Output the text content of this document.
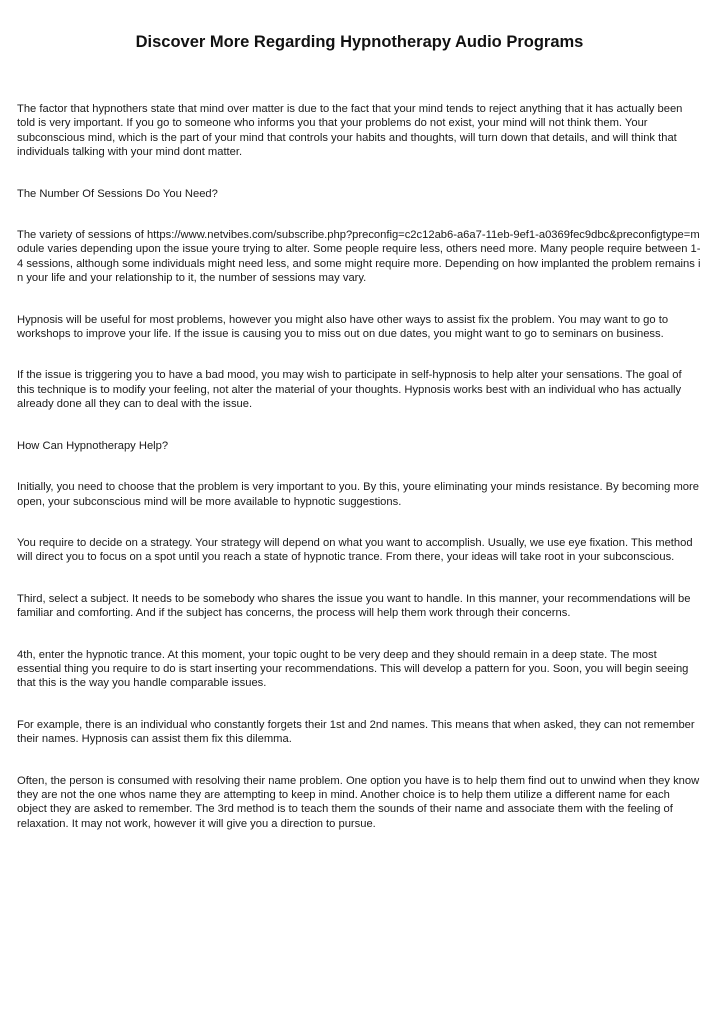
Discover More Regarding Hypnotherapy Audio Programs

The factor that hypnothers state that mind over matter is due to the fact that your mind tends to reject anything that it has actually been told is very important. If you go to someone who informs you that your problems do not exist, your mind will not think them. Your subconscious mind, which is the part of your mind that controls your habits and thoughts, will turn down that details, and will think that individuals talking with your mind dont matter.

The Number Of Sessions Do You Need?

The variety of sessions of https://www.netvibes.com/subscribe.php?preconfig=c2c12ab6-a6a7-11eb-9ef1-a0369fec9dbc&preconfigtype=module varies depending upon the issue youre trying to alter. Some people require less, others need more. Many people require between 1-4 sessions, although some individuals might need less, and some might require more. Depending on how implanted the problem remains in your life and your relationship to it, the number of sessions may vary.

Hypnosis will be useful for most problems, however you might also have other ways to assist fix the problem. You may want to go to workshops to improve your life. If the issue is causing you to miss out on due dates, you might want to go to seminars on business.

If the issue is triggering you to have a bad mood, you may wish to participate in self-hypnosis to help alter your sensations. The goal of this technique is to modify your feeling, not alter the material of your thoughts. Hypnosis works best with an individual who has actually already done all they can to deal with the issue.

How Can Hypnotherapy Help?

Initially, you need to choose that the problem is very important to you. By this, youre eliminating your minds resistance. By becoming more open, your subconscious mind will be more available to hypnotic suggestions.

You require to decide on a strategy. Your strategy will depend on what you want to accomplish. Usually, we use eye fixation. This method will direct you to focus on a spot until you reach a state of hypnotic trance. From there, your ideas will take root in your subconscious.

Third, select a subject. It needs to be somebody who shares the issue you want to handle. In this manner, your recommendations will be familiar and comforting. And if the subject has concerns, the process will help them work through their concerns.

4th, enter the hypnotic trance. At this moment, your topic ought to be very deep and they should remain in a deep state. The most essential thing you require to do is start inserting your recommendations. This will develop a pattern for you. Soon, you will begin seeing that this is the way you handle comparable issues.

For example, there is an individual who constantly forgets their 1st and 2nd names. This means that when asked, they can not remember their names. Hypnosis can assist them fix this dilemma.

Often, the person is consumed with resolving their name problem. One option you have is to help them find out to unwind when they know they are not the one whos name they are attempting to keep in mind. Another choice is to help them utilize a different name for each object they are asked to remember. The 3rd method is to teach them the sounds of their name and associate them with the feeling of relaxation. It may not work, however it will give you a direction to pursue.
